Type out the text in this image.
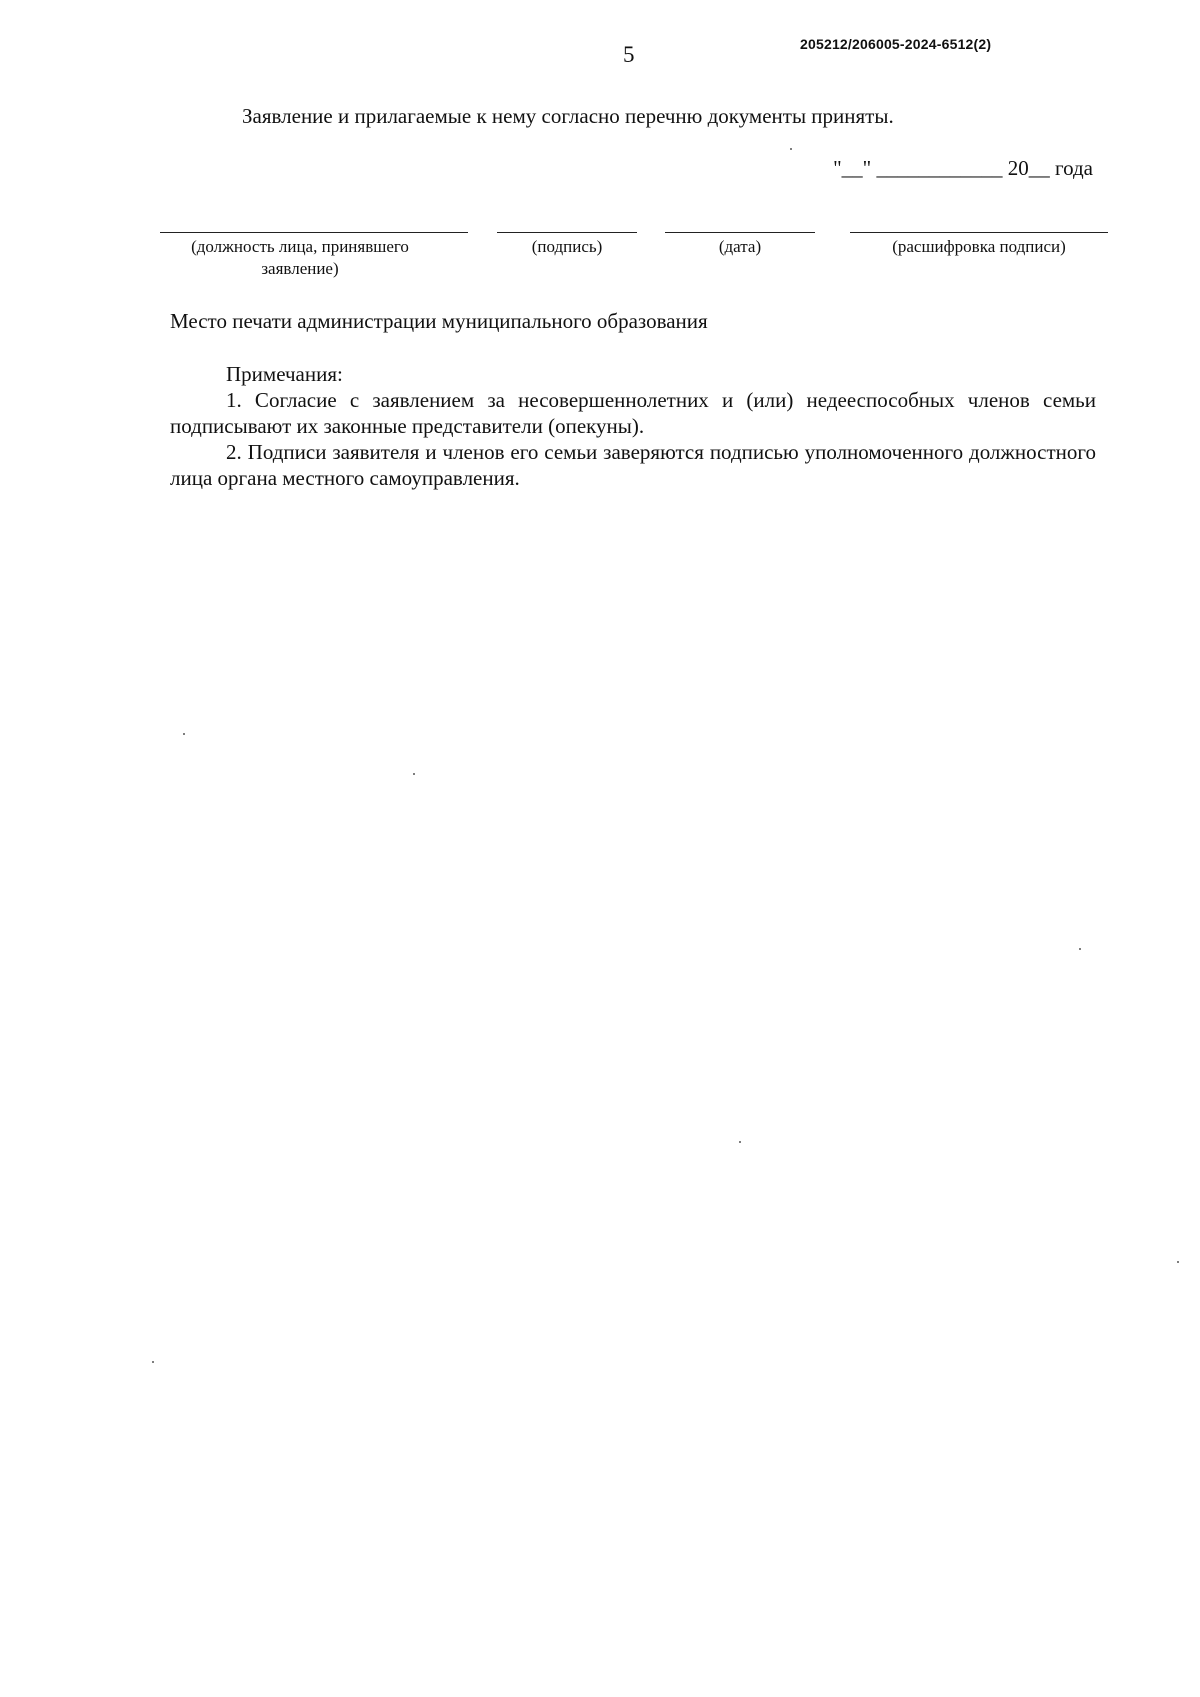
5	205212/206005-2024-6512(2)
Заявление и прилагаемые к нему согласно перечню документы приняты.
"__" ____________ 20__ года
(должность лица, принявшего заявление)
(подпись)	(дата)	(расшифровка подписи)
Место печати администрации муниципального образования

Примечания:

1. Согласие с заявлением за несовершеннолетних и (или) недееспособных членов семьи подписывают их законные представители (опекуны).

2. Подписи заявителя и членов его семьи заверяются подписью уполномоченного должностного лица органа местного самоуправления.
